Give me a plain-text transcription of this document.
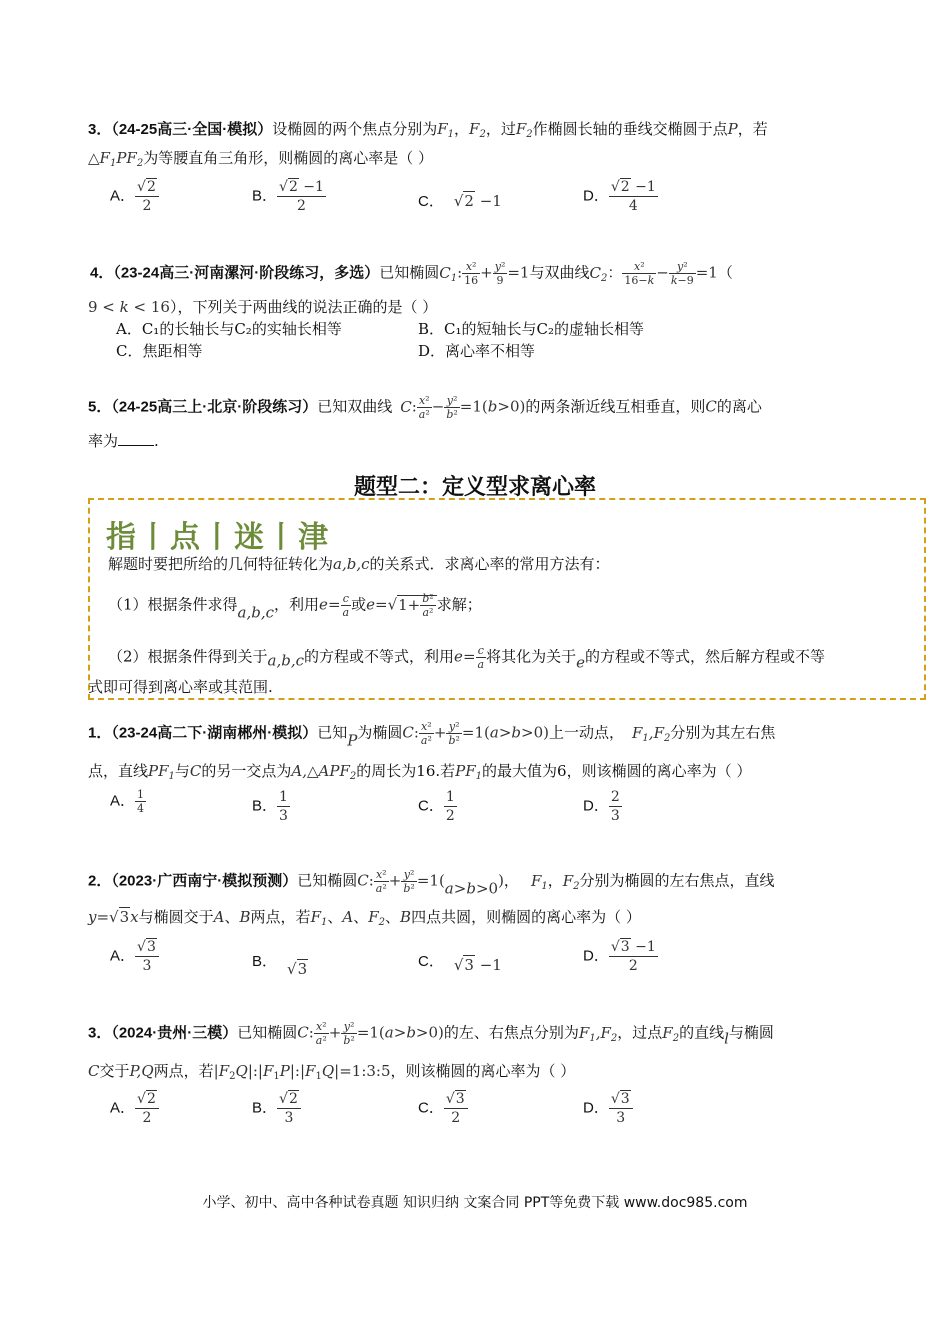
3．（24-25高三·全国·模拟）设椭圆的两个焦点分别为$F_1$，$F_2$，过$F_2$作椭圆长轴的垂线交椭圆于点P，若
$\triangle F_1PF_2$为等腰直角三角形，则椭圆的离心率是（ ）
A． $\frac{√2}{2}$	B． $\frac{√2 -1}{2}$	C． √2 −1	D． $\frac{√2 -1}{4}$
4．（23-24高三·河南漯河·阶段练习，多选）已知椭圆$C_1$: $\frac{\text{x²}}{16} + \frac{\text{y²}}{9} =1$与双曲线$C_2$： $\frac{\text{x²}}{16-k} - \frac{\text{y²}}{k-9} =1$（
9 < k < 16），下列关于两曲线的说法正确的是（ ）
A．C₁的长轴长与C₂的实轴长相等	B．C₁的短轴长与C₂的虚轴长相等
C．焦距相等	D．离心率不相等
5．（24-25高三上·北京·阶段练习）已知双曲线 C: $\frac{\text{x²}}{\text{a²}} - \frac{\text{y²}}{\text{b²}} =1(b>0)$的两条渐近线互相垂直，则C的离心
率为 .
题型二：定义型求离心率
指丨点丨迷丨津
解题时要把所给的几何特征转化为a,b,c的关系式．求离心率的常用方法有：
（1）根据条件求得a,b,c，利用$e= \frac{c}{a}$ 或$e=√1+ \frac{\text{b²}}{\text{a²}}$ 求解；
（2）根据条件得到关于a,b,c的方程或不等式，利用$e= \frac{c}{a}$ 将其化为关于e的方程或不等式，然后解方程或不等
式即可得到离心率或其范围.
1．（23-24高二下·湖南郴州·模拟）已知P为椭圆C: $\frac{\text{x²}}{\text{a²}} + \frac{\text{y²}}{\text{b²}} =1(a>b>0)$上一动点， $F_1,F_2$分别为其左右焦
点，直线$PF_1$与C的另一交点为$A,\triangle APF_2$的周长为16.若$PF_1$的最大值为6，则该椭圆的离心率为（ ）
A． $\frac{1}{4}$	B． $\frac{1}{3}$	C． $\frac{1}{2}$	D． $\frac{2}{3}$
2．（2023·广西南宁·模拟预测）已知椭圆C: $\frac{\text{x²}}{\text{a²}} + \frac{\text{y²}}{\text{b²}} =1(a>b>0)$， $F_1$，$F_2$分别为椭圆的左右焦点，直线
y=√3x与椭圆交于A、B两点，若$F_1$、A、$F_2$、B四点共圆，则椭圆的离心率为（ ）
A． $\frac{√3}{3}$	B． √3	C． √3 −1	D． $\frac{√3 -1}{2}$
3．（2024·贵州·三模）已知椭圆C: $\frac{\text{x²}}{\text{a²}} + \frac{\text{y²}}{\text{b²}} =1(a>b>0)$的左、右焦点分别为$F_1,F_2$，过点$F_2$的直线l与椭圆
C交于P,Q两点，若$|F_2Q|:|F_1P|:|F_1Q|=1:3:5$，则该椭圆的离心率为（ ）
A． $\frac{√2}{2}$	B． $\frac{√2}{3}$	C． $\frac{√3}{2}$	D． $\frac{√3}{3}$
小学、初中、高中各种试卷真题 知识归纳 文案合同 PPT等免费下载 www.doc985.com
